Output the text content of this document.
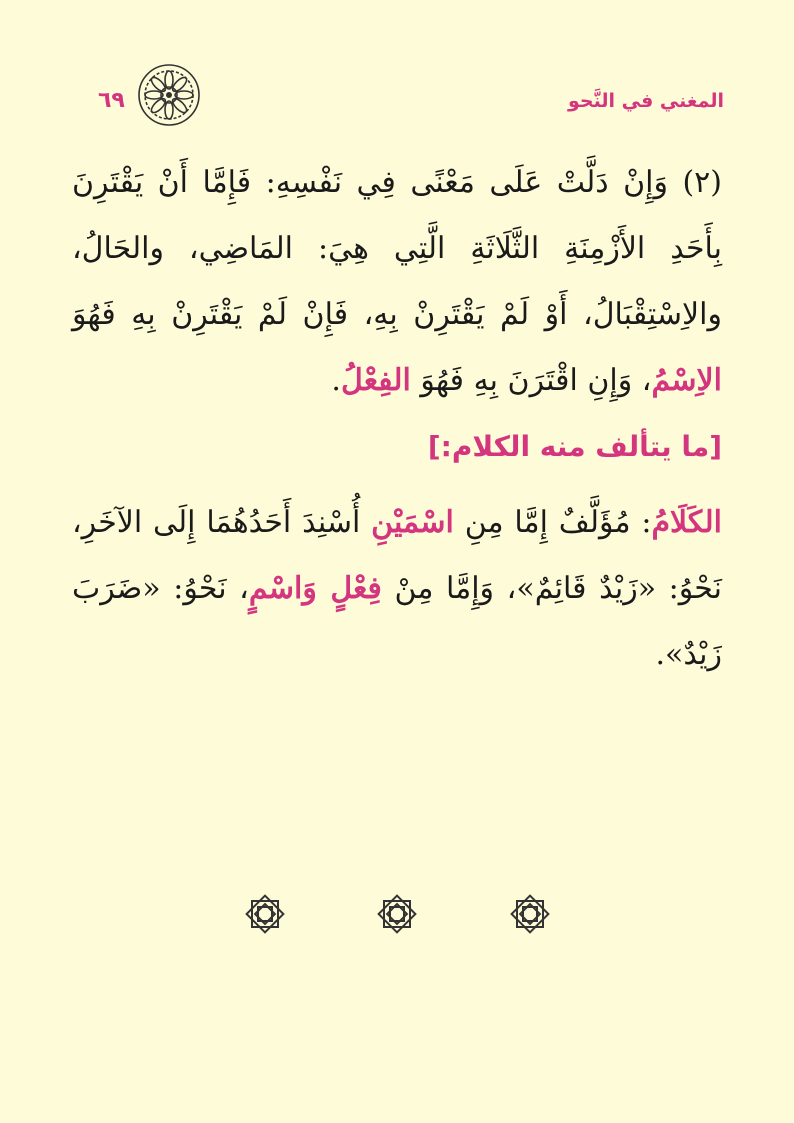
٦٩	المغني في النَّحو

(٢) وَإِنْ دَلَّتْ عَلَى مَعْنًى فِي نَفْسِهِ: فَإِمَّا أَنْ يَقْتَرِنَ بِأَحَدِ الأَزْمِنَةِ الثَّلَاثَةِ الَّتِي هِيَ: المَاضِي، والحَالُ، والاِسْتِقْبَالُ، أَوْ لَمْ يَقْتَرِنْ بِهِ، فَإِنْ لَمْ يَقْتَرِنْ بِهِ فَهُوَ الاِسْمُ، وَإِنِ اقْتَرَنَ بِهِ فَهُوَ الفِعْلُ.

[ما يتألف منه الكلام:]

الكَلَامُ: مُؤَلَّفٌ إِمَّا مِنِ اسْمَيْنِ أُسْنِدَ أَحَدُهُمَا إِلَى الآخَرِ، نَحْوُ: «زَيْدٌ قَائِمٌ»، وَإِمَّا مِنْ فِعْلٍ وَاسْمٍ، نَحْوُ: «ضَرَبَ زَيْدٌ».
